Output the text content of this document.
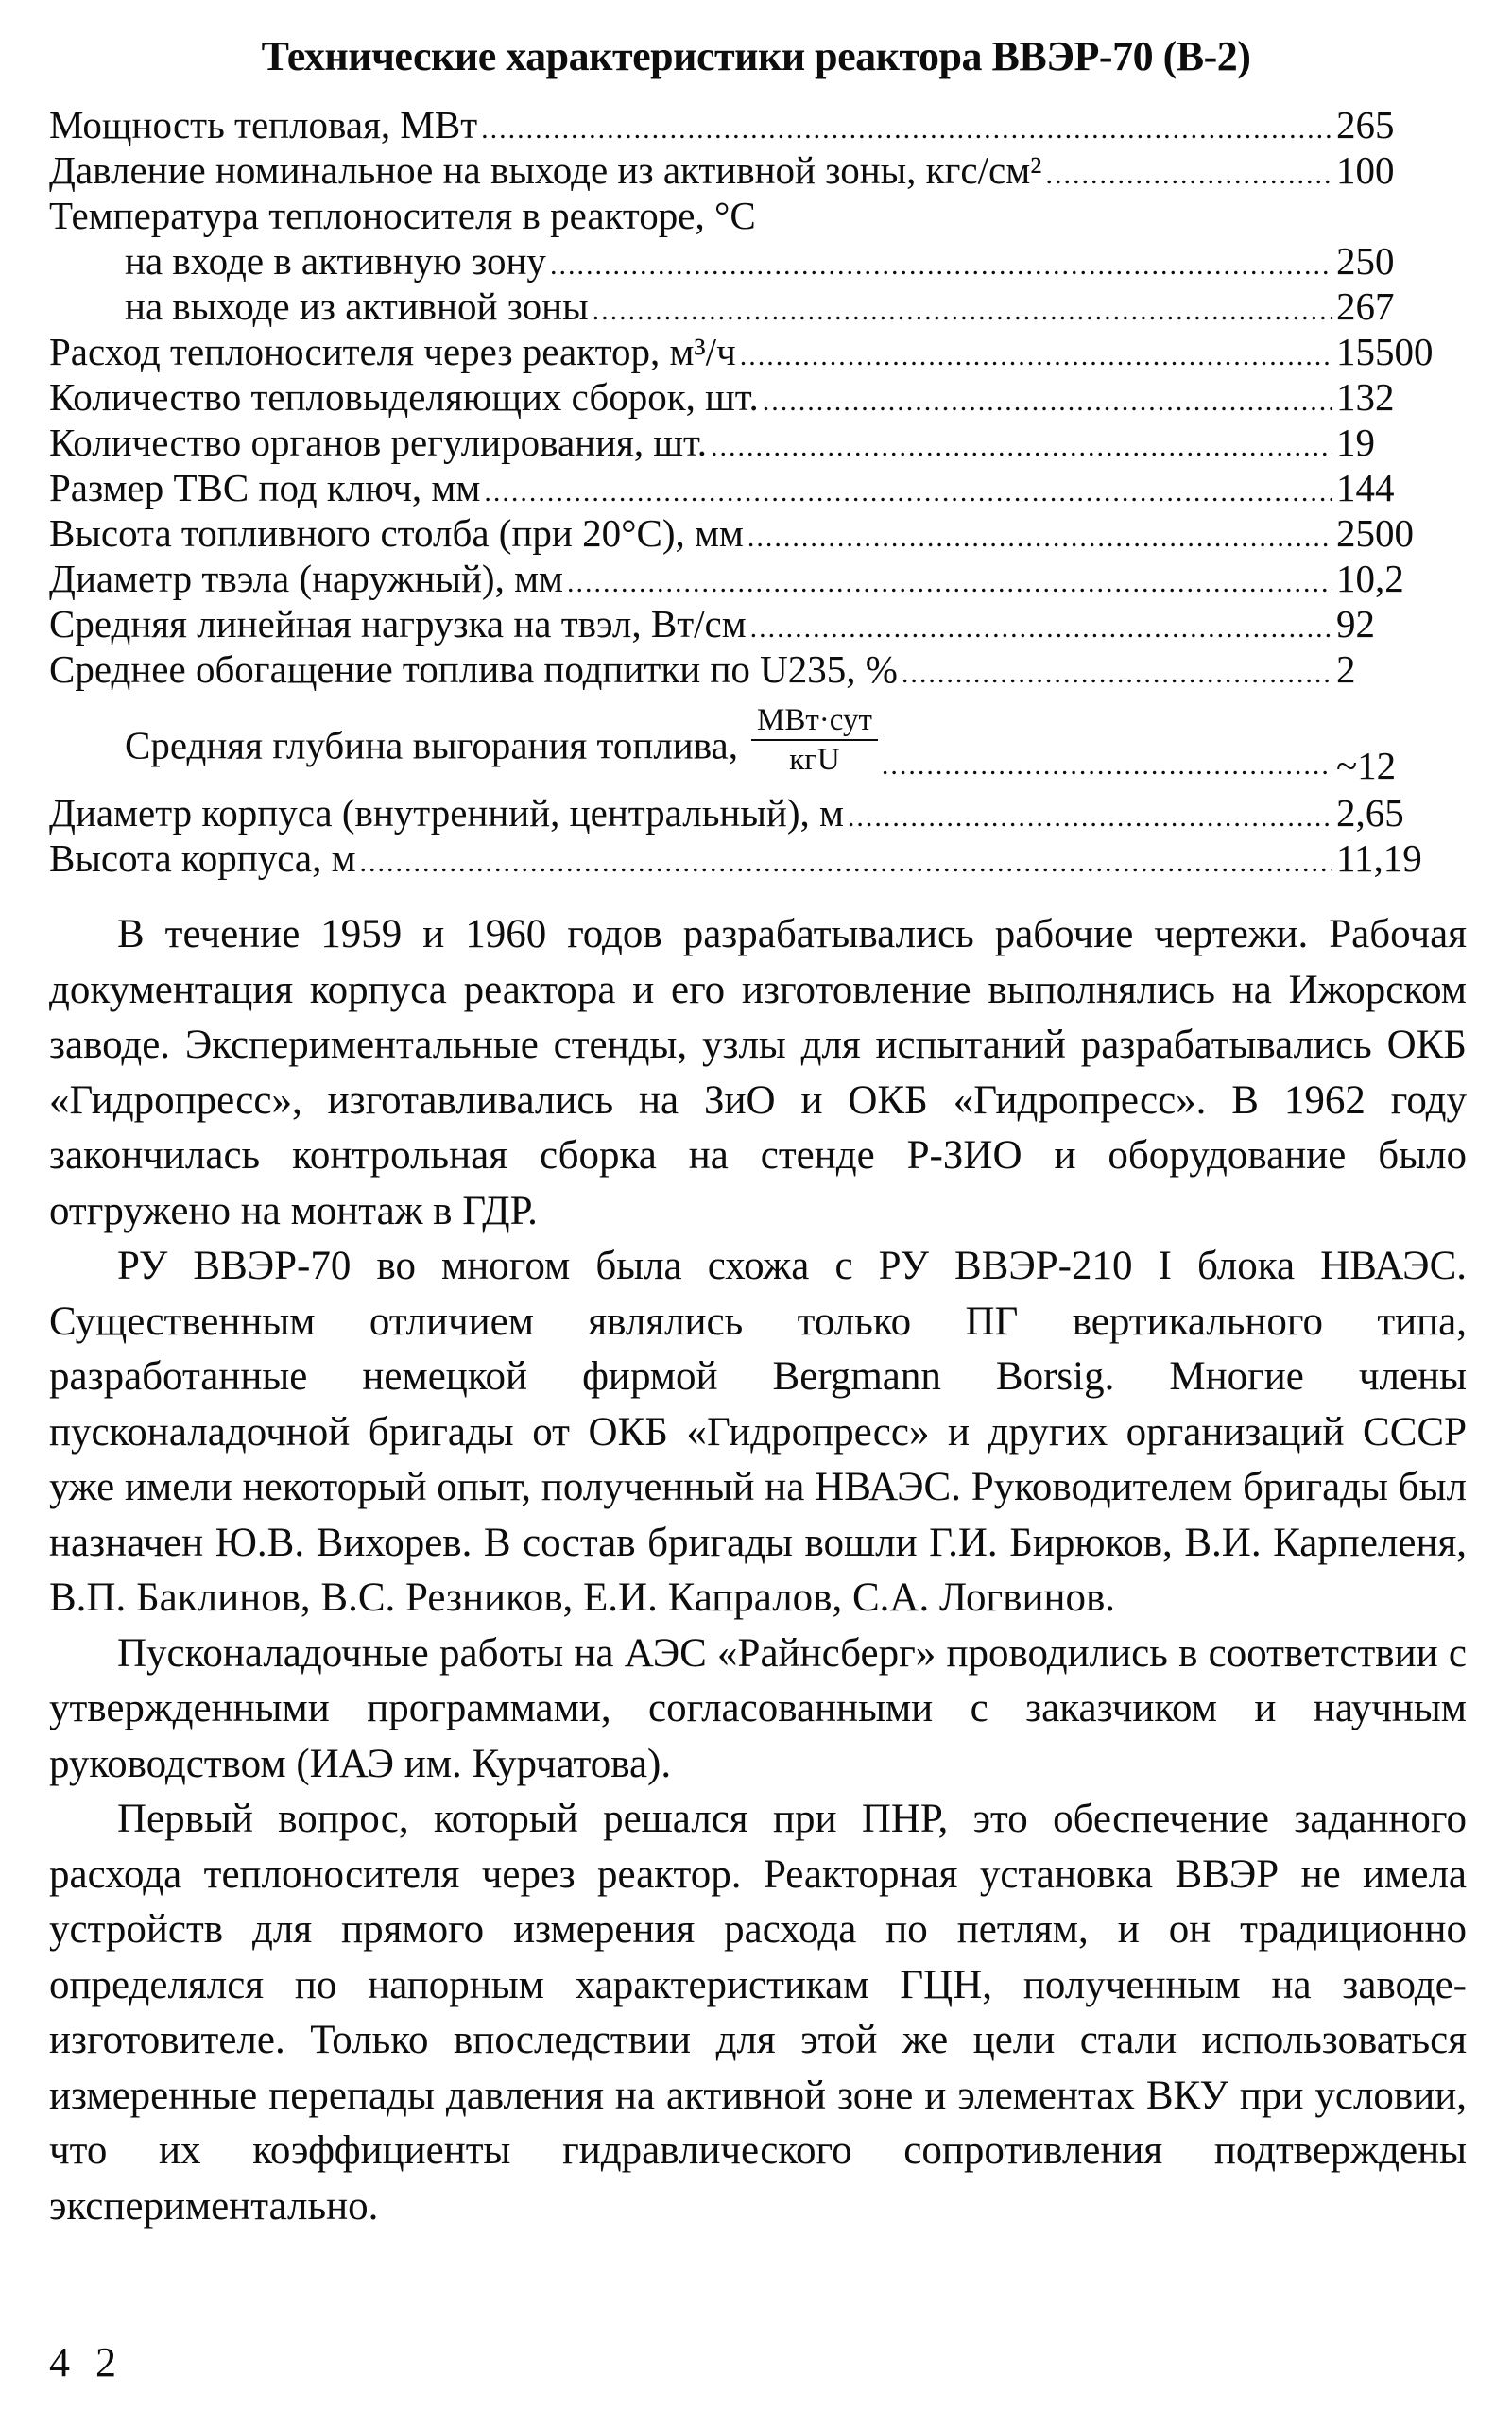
Технические характеристики реактора ВВЭР-70 (В-2)
Мощность тепловая, МВт .....	265
Давление номинальное на выходе из активной зоны, кгс/см² .....	100
Температура теплоносителя в реакторе, °С
на входе в активную зону .....	250
на выходе из активной зоны .....	267
Расход теплоносителя через реактор, м³/ч .....	15500
Количество тепловыделяющих сборок, шт. .....	132
Количество органов регулирования, шт. .....	19
Размер ТВС под ключ, мм .....	144
Высота топливного столба (при 20°С), мм .....	2500
Диаметр твэла (наружный), мм .....	10,2
Средняя линейная нагрузка на твэл, Вт/см .....	92
Среднее обогащение топлива подпитки по U235, % .....	2
Средняя глубина выгорания топлива, $\frac{\text{МВт·сут}}{\text{кгU}}$ .....	~12
Диаметр корпуса (внутренний, центральный), м .....	2,65
Высота корпуса, м .....	11,19

В течение 1959 и 1960 годов разрабатывались рабочие чертежи. Рабочая документация корпуса реактора и его изготовление выполнялись на Ижорском заводе. Экспериментальные стенды, узлы для испытаний разрабатывались ОКБ «Гидропресс», изготавливались на ЗиО и ОКБ «Гидропресс». В 1962 году закончилась контрольная сборка на стенде Р-ЗИО и оборудование было отгружено на монтаж в ГДР.

РУ ВВЭР-70 во многом была схожа с РУ ВВЭР-210 I блока НВАЭС. Существенным отличием являлись только ПГ вертикального типа, разработанные немецкой фирмой Bergmann Borsig. Многие члены пусконаладочной бригады от ОКБ «Гидропресс» и других организаций СССР уже имели некоторый опыт, полученный на НВАЭС. Руководителем бригады был назначен Ю.В. Вихорев. В состав бригады вошли Г.И. Бирюков, В.И. Карпеленя, В.П. Баклинов, В.С. Резников, Е.И. Капралов, С.А. Логвинов.

Пусконаладочные работы на АЭС «Райнсберг» проводились в соответствии с утвержденными программами, согласованными с заказчиком и научным руководством (ИАЭ им. Курчатова).

Первый вопрос, который решался при ПНР, это обеспечение заданного расхода теплоносителя через реактор. Реакторная установка ВВЭР не имела устройств для прямого измерения расхода по петлям, и он традиционно определялся по напорным характеристикам ГЦН, полученным на заводе-изготовителе. Только впоследствии для этой же цели стали использоваться измеренные перепады давления на активной зоне и элементах ВКУ при условии, что их коэффициенты гидравлического сопротивления подтверждены экспериментально.

4 2
